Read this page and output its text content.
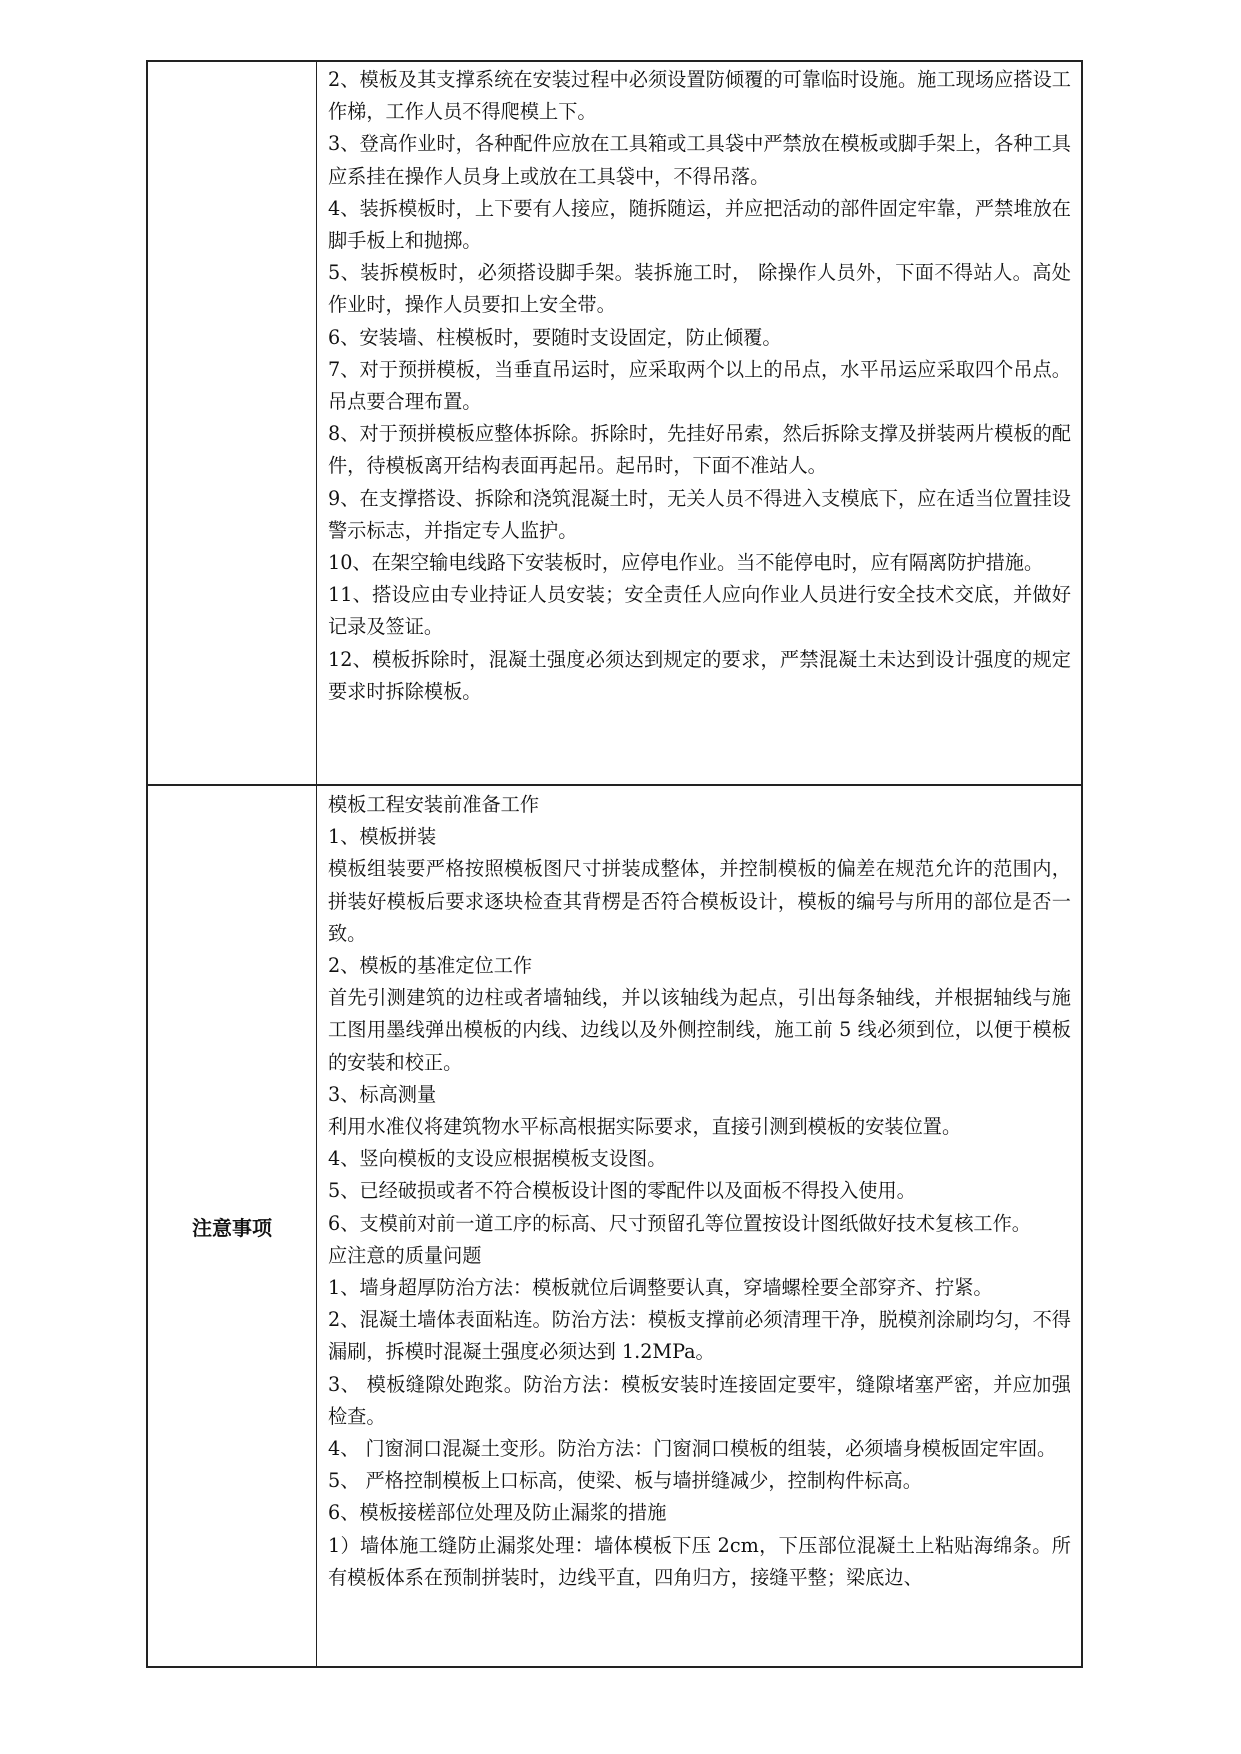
2、模板及其支撑系统在安装过程中必须设置防倾覆的可靠临时设施。施工现场应搭设工作梯，工作人员不得爬模上下。

3、登高作业时，各种配件应放在工具箱或工具袋中严禁放在模板或脚手架上，各种工具应系挂在操作人员身上或放在工具袋中，不得吊落。

4、装拆模板时，上下要有人接应，随拆随运，并应把活动的部件固定牢靠，严禁堆放在脚手板上和抛掷。

5、装拆模板时，必须搭设脚手架。装拆施工时， 除操作人员外，下面不得站人。高处作业时，操作人员要扣上安全带。

6、安装墙、柱模板时，要随时支设固定，防止倾覆。

7、对于预拼模板，当垂直吊运时，应采取两个以上的吊点，水平吊运应采取四个吊点。吊点要合理布置。

8、对于预拼模板应整体拆除。拆除时，先挂好吊索，然后拆除支撑及拼装两片模板的配件，待模板离开结构表面再起吊。起吊时，下面不准站人。

9、在支撑搭设、拆除和浇筑混凝土时，无关人员不得进入支模底下，应在适当位置挂设警示标志，并指定专人监护。

10、在架空输电线路下安装板时，应停电作业。当不能停电时，应有隔离防护措施。

11、搭设应由专业持证人员安装；安全责任人应向作业人员进行安全技术交底，并做好记录及签证。

12、模板拆除时，混凝土强度必须达到规定的要求，严禁混凝土未达到设计强度的规定要求时拆除模板。

注意事项

模板工程安装前准备工作

1、模板拼装

模板组装要严格按照模板图尺寸拼装成整体，并控制模板的偏差在规范允许的范围内，拼装好模板后要求逐块检查其背楞是否符合模板设计，模板的编号与所用的部位是否一致。

2、模板的基准定位工作

首先引测建筑的边柱或者墙轴线，并以该轴线为起点，引出每条轴线，并根据轴线与施工图用墨线弹出模板的内线、边线以及外侧控制线，施工前 5 线必须到位，以便于模板的安装和校正。

3、标高测量

利用水准仪将建筑物水平标高根据实际要求，直接引测到模板的安装位置。

4、竖向模板的支设应根据模板支设图。

5、已经破损或者不符合模板设计图的零配件以及面板不得投入使用。

6、支模前对前一道工序的标高、尺寸预留孔等位置按设计图纸做好技术复核工作。

应注意的质量问题

1、墙身超厚防治方法：模板就位后调整要认真，穿墙螺栓要全部穿齐、拧紧。

2、混凝土墙体表面粘连。防治方法：模板支撑前必须清理干净，脱模剂涂刷均匀，不得漏刷，拆模时混凝土强度必须达到 1.2MPa。

3、 模板缝隙处跑浆。防治方法：模板安装时连接固定要牢，缝隙堵塞严密，并应加强检查。

4、 门窗洞口混凝土变形。防治方法：门窗洞口模板的组装，必须墙身模板固定牢固。

5、 严格控制模板上口标高，使梁、板与墙拼缝减少，控制构件标高。

6、模板接槎部位处理及防止漏浆的措施

1）墙体施工缝防止漏浆处理：墙体模板下压 2cm，下压部位混凝土上粘贴海绵条。所有模板体系在预制拼装时，边线平直，四角归方，接缝平整；梁底边、
